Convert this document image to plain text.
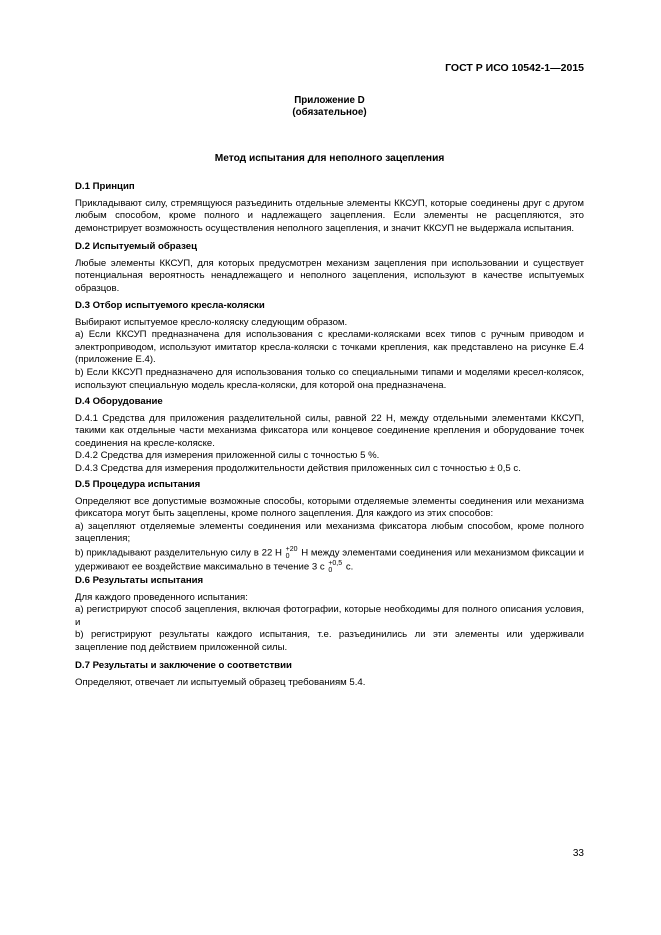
ГОСТ Р ИСО 10542-1—2015
Приложение D
(обязательное)
Метод испытания для неполного зацепления
D.1 Принцип
Прикладывают силу, стремящуюся разъединить отдельные элементы ККСУП, которые соединены друг с другом любым способом, кроме полного и надлежащего зацепления. Если элементы не расцепляются, это демонстрирует возможность осуществления неполного зацепления, и значит ККСУП не выдержала испытания.
D.2 Испытуемый образец
Любые элементы ККСУП, для которых предусмотрен механизм зацепления при использовании и существует потенциальная вероятность ненадлежащего и неполного зацепления, используют в качестве испытуемых образцов.
D.3 Отбор испытуемого кресла-коляски
Выбирают испытуемое кресло-коляску следующим образом.
a) Если ККСУП предназначена для использования с креслами-колясками всех типов с ручным приводом и электроприводом, используют имитатор кресла-коляски с точками крепления, как представлено на рисунке E.4 (приложение E.4).
b) Если ККСУП предназначено для использования только со специальными типами и моделями кресел-колясок, используют специальную модель кресла-коляски, для которой она предназначена.
D.4 Оборудование
D.4.1 Средства для приложения разделительной силы, равной 22 Н, между отдельными элементами ККСУП, такими как отдельные части механизма фиксатора или концевое соединение крепления и оборудование точек соединения на кресле-коляске.
D.4.2 Средства для измерения приложенной силы с точностью 5 %.
D.4.3 Средства для измерения продолжительности действия приложенных сил с точностью ± 0,5 с.
D.5 Процедура испытания
Определяют все допустимые возможные способы, которыми отделяемые элементы соединения или механизма фиксатора могут быть зацеплены, кроме полного зацепления. Для каждого из этих способов:
a) зацепляют отделяемые элементы соединения или механизма фиксатора любым способом, кроме полного зацепления;
b) прикладывают разделительную силу в 22 Н +20
0 Н между элементами соединения или механизмом фиксации и удерживают ее воздействие максимально в течение 3 с +0,5
0 с.
D.6 Результаты испытания
Для каждого проведенного испытания:
a) регистрируют способ зацепления, включая фотографии, которые необходимы для полного описания условия, и
b) регистрируют результаты каждого испытания, т.е. разъединились ли эти элементы или удерживали зацепление под действием приложенной силы.
D.7 Результаты и заключение о соответствии
Определяют, отвечает ли испытуемый образец требованиям 5.4.
33
